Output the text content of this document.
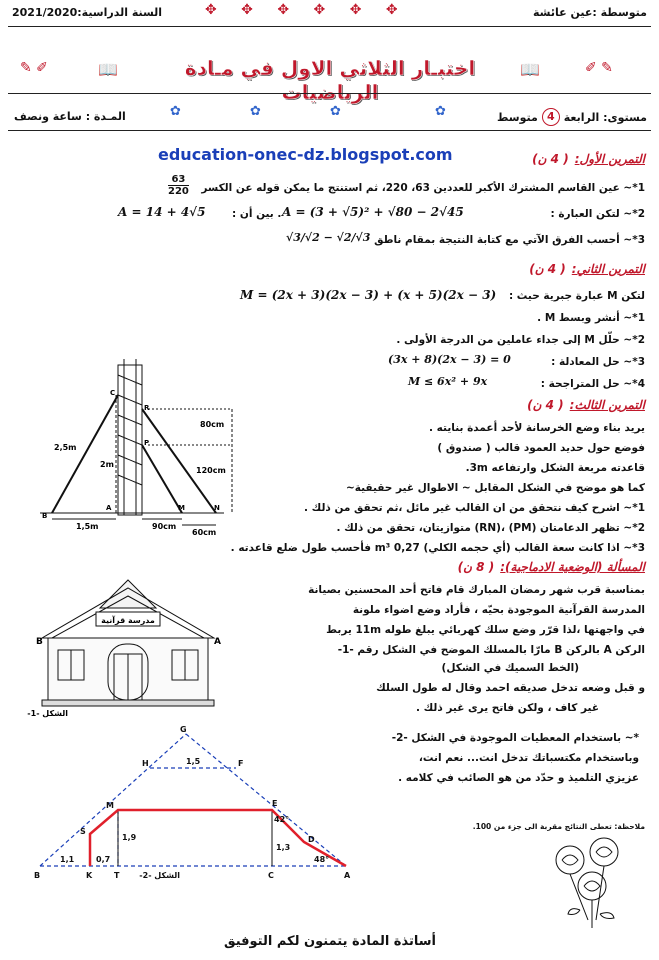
السنة الدراسية:2021/2020	متوسطة :عين عائشة
✥ ✥ ✥ ✥ ✥ ✥
✎ ✐	📖	📖	✐ ✎
اختبـار الثلاثي الاول في مـادة الرياضيات
المـدة : ساعة ونصف	✿	✿	✿	✿	مستوى: الرابعة
4
متوسط
education-onec-dz.blogspot.com	التمرين الأول:
( 4 ن)
1*~ عين القاسم المشترك الأكبر للعددين 63، 220، ثم استنتج ما يمكن قوله عن الكسر
$\frac{63}{220}$
2*~ لتكن العبارة :
A = (3 + √5)² + √80 − 2√45
. بين أن :
A = 14 + 4√5
3*~ أحسب الفرق الآتي مع كتابة النتيجة بمقام ناطق
√3/√2 − √2/√3
التمرين الثاني:
( 4 ن)
لتكن M عبارة جبرية حيث :
M = (2x + 3)(2x − 3) + (x + 5)(2x − 3)
1*~ أنشر وبسط M .
2*~ حلّل M إلى جداء عاملين من الدرجة الأولى .
3*~ حل المعادلة :
(3x + 8)(2x − 3) = 0
4*~ حل المتراجحة :
M ≤ 6x² + 9x
التمرين الثالث:
( 4 ن)
يريد بناء وضع الخرسانة لأحد أعمدة بنايته .
فوضع حول حديد العمود قالب ( صندوق )
قاعدته مربعة الشكل وارتفاعه 3m.
كما هو موضح في الشكل المقابل ~ الاطوال غير حقيقية~
1*~ اشرح كيف نتحقق من ان القالب غير مائل ،ثم تحقق من ذلك .
2*~ تظهر الدعامتان (PM) ،(RN) متوازيتان، تحقق من ذلك .
3*~ اذا كانت سعة القالب (أي حجمه الكلي) 0,27 m³ فأحسب طول ضلع قاعدته .
C
R
P
A	M	N
B
2,5m
2m
80cm
120cm
1,5m	90cm
60cm
المسألة (الوضعية الادماجية):
( 8 ن)
بمناسبة قرب شهر رمضان المبارك قام فاتح أحد المحسنين بصيانة
المدرسة القرآنية الموجودة بحيّه ، فأراد وضع اضواء ملونة
في واجهتها ،لذا قرّر وضع سلك كهربائي يبلغ طوله 11m يربط
الركن A بالركن B مارّا بالمسلك الموضح في الشكل رقم -1-
(الخط السميك في الشكل)
و قبل وضعه تدخل صديقه احمد وقال له طول السلك
غير كاف ، ولكن فاتح يرى غير ذلك .
*~ باستخدام المعطيات الموجودة في الشكل -2-
وباستخدام مكتسباتك تدخل انت... نعم انت،
عزيزي التلميذ و حدّد من هو الصائب في كلامه .
ملاحظة: تعطى النتائج مقربة الى جزء من 100.
مدرسة قرآنية
B	A
الشكل -1-
G
H	F
M	E
S
D
B	K	T	C	A
1,5
1,9
1,1	0,7
1,3
42°
48°
الشكل -2-
أساتذة المادة يتمنون لكم التوفيق
